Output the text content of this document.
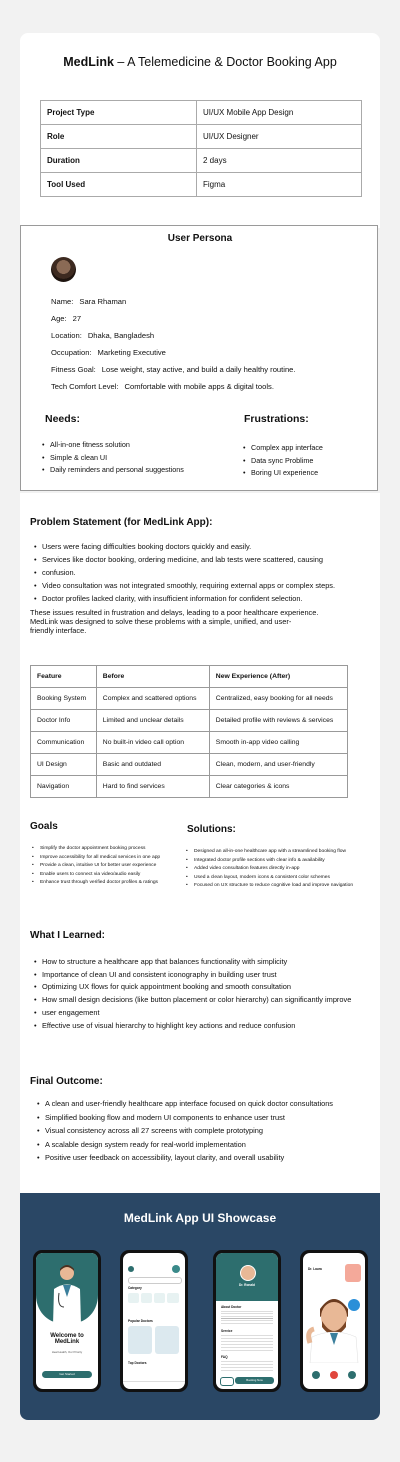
MedLink – A Telemedicine & Doctor Booking App
Project Type	UI/UX Mobile App Design
Role	UI/UX Designer
Duration	2 days
Tool Used	Figma
User Persona
Name: Sara Rhaman
Age: 27
Location: Dhaka, Bangladesh
Occupation: Marketing Executive
Fitness Goal: Lose weight, stay active, and build a daily healthy routine.
Tech Comfort Level: Comfortable with mobile apps & digital tools.
Needs:
• All-in-one fitness solution
• Simple & clean UI
• Daily reminders and personal suggestions
Frustrations:
• Complex app interface
• Data sync Problime
• Boring UI experience
Problem Statement (for MedLink App):
• Users were facing difficulties booking doctors quickly and easily.
• Services like doctor booking, ordering medicine, and lab tests were scattered, causing
• confusion.
• Video consultation was not integrated smoothly, requiring external apps or complex steps.
• Doctor profiles lacked clarity, with insufficient information for confident selection.
These issues resulted in frustration and delays, leading to a poor healthcare experience.
MedLink was designed to solve these problems with a simple, unified, and user-
friendly interface.
Feature	Before	New Experience (After)
Booking System	Complex and scattered options	Centralized, easy booking for all needs
Doctor Info	Limited and unclear details	Detailed profile with reviews & services
Communication	No built-in video call option	Smooth in-app video calling
UI Design	Basic and outdated	Clean, modern, and user-friendly
Navigation	Hard to find services	Clear categories & icons
Goals
• Simplify the doctor appointment booking process
• Improve accessibility for all medical services in one app
• Provide a clean, intuitive UI for better user experience
• Enable users to connect via video/audio easily
• Enhance trust through verified doctor profiles & ratings
Solutions:
• Designed an all-in-one healthcare app with a streamlined booking flow
• Integrated doctor profile sections with clear info & availability
• Added video consultation features directly in-app
• Used a clean layout, modern icons & consistent color schemes
• Focused on UX structure to reduce cognitive load and improve navigation
What I Learned:
• How to structure a healthcare app that balances functionality with simplicity
• Importance of clean UI and consistent iconography in building user trust
• Optimizing UX flows for quick appointment booking and smooth consultation
• How small design decisions (like button placement or color hierarchy) can significantly improve
• user engagement
• Effective use of visual hierarchy to highlight key actions and reduce confusion
Final Outcome:
• A clean and user-friendly healthcare app interface focused on quick doctor consultations
• Simplified booking flow and modern UI components to enhance user trust
• Visual consistency across all 27 screens with complete prototyping
• A scalable design system ready for real-world implementation
• Positive user feedback on accessibility, layout clarity, and overall usability
MedLink App UI Showcase
Welcome to
MedLink
Heal Health, Our Priority
Get Started
Category
Popular Doctors
Top Doctors
Dr. Ronald
About Doctor
Service
FAQ
Booking Now
Dr. Laura
